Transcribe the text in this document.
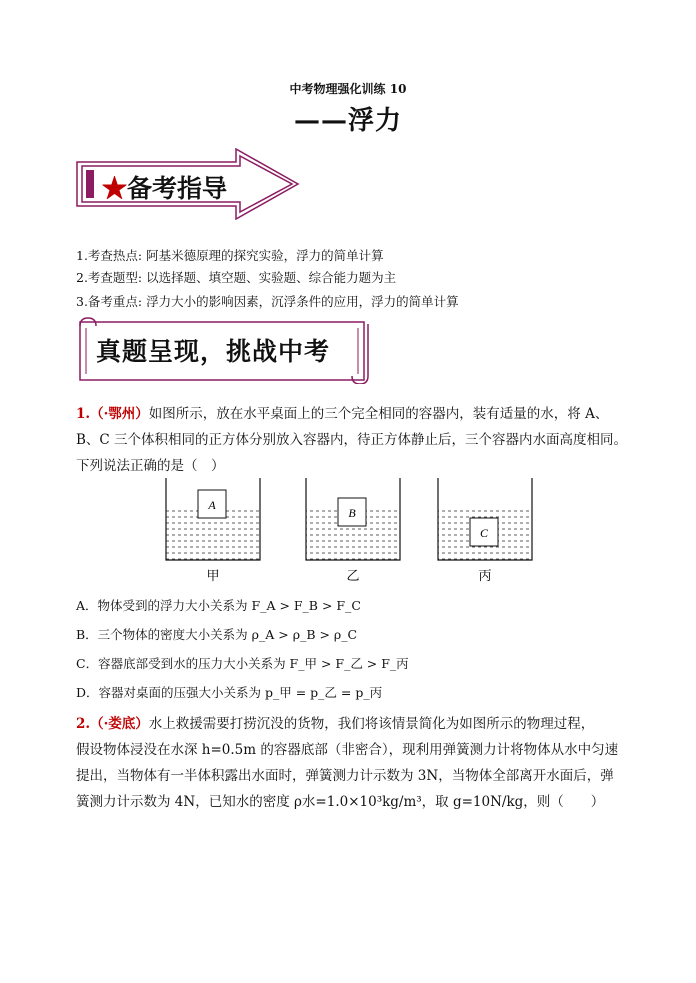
中考物理强化训练 10
——浮力
★备考指导
1.考查热点: 阿基米德原理的探究实验，浮力的简单计算
2.考查题型: 以选择题、填空题、实验题、综合能力题为主
3.备考重点: 浮力大小的影响因素，沉浮条件的应用，浮力的简单计算
真题呈现，挑战中考
1.（·鄂州）如图所示，放在水平桌面上的三个完全相同的容器内，装有适量的水，将 A、
B、C 三个体积相同的正方体分别放入容器内，待正方体静止后，三个容器内水面高度相同。
下列说法正确的是（　）
A
B
C
甲	乙	丙
A．物体受到的浮力大小关系为 F_A > F_B > F_C
B．三个物体的密度大小关系为 ρ_A > ρ_B > ρ_C
C．容器底部受到水的压力大小关系为 F_甲 > F_乙 > F_丙
D．容器对桌面的压强大小关系为 p_甲 = p_乙 = p_丙
2.（·娄底）水上救援需要打捞沉没的货物，我们将该情景简化为如图所示的物理过程，
假设物体浸没在水深 h=0.5m 的容器底部（非密合），现利用弹簧测力计将物体从水中匀速
提出，当物体有一半体积露出水面时，弹簧测力计示数为 3N，当物体全部离开水面后，弹
簧测力计示数为 4N，已知水的密度 ρ水=1.0×10³kg/m³，取 g=10N/kg，则（　　）
